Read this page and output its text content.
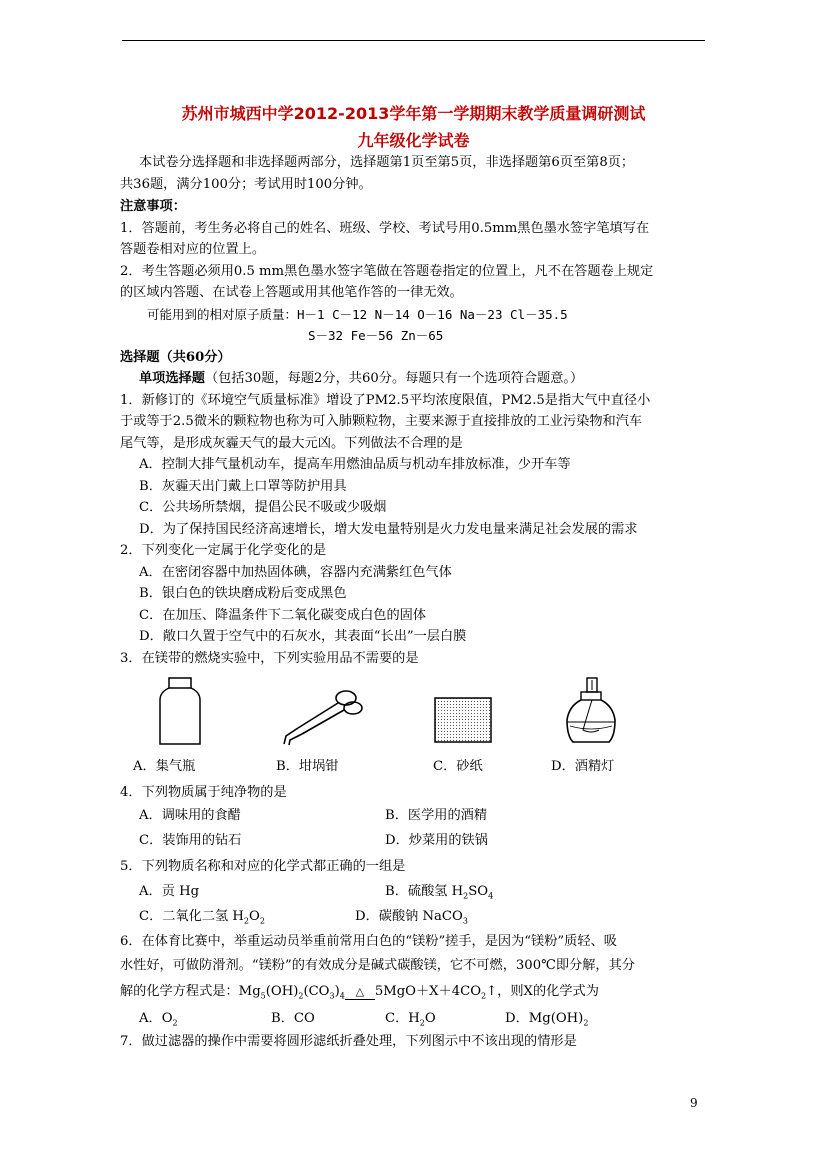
苏州市城西中学2012-2013学年第一学期期末教学质量调研测试
九年级化学试卷
本试卷分选择题和非选择题两部分，选择题第1页至第5页，非选择题第6页至第8页；
共36题，满分100分；考试用时100分钟。
注意事项：
1．答题前，考生务必将自己的姓名、班级、学校、考试号用0.5mm黑色墨水签字笔填写在
答题卷相对应的位置上。
2．考生答题必须用0.5 mm黑色墨水签字笔做在答题卷指定的位置上，凡不在答题卷上规定
的区域内答题、在试卷上答题或用其他笔作答的一律无效。
可能用到的相对原子质量：H－1 C－12 N－14 O－16 Na－23 Cl－35.5
S－32 Fe－56 Zn－65
选择题（共60分）
单项选择题（包括30题，每题2分，共60分。每题只有一个选项符合题意。）
1．新修订的《环境空气质量标准》增设了PM2.5平均浓度限值，PM2.5是指大气中直径小
于或等于2.5微米的颗粒物也称为可入肺颗粒物，主要来源于直接排放的工业污染物和汽车
尾气等，是形成灰霾天气的最大元凶。下列做法不合理的是
A．控制大排气量机动车，提高车用燃油品质与机动车排放标准，少开车等
B．灰霾天出门戴上口罩等防护用具
C．公共场所禁烟，提倡公民不吸或少吸烟
D．为了保持国民经济高速增长，增大发电量特别是火力发电量来满足社会发展的需求
2．下列变化一定属于化学变化的是
A．在密闭容器中加热固体碘，容器内充满紫红色气体
B．银白色的铁块磨成粉后变成黑色
C．在加压、降温条件下二氧化碳变成白色的固体
D．敞口久置于空气中的石灰水，其表面“长出”一层白膜
3．在镁带的燃烧实验中，下列实验用品不需要的是
A．集气瓶	B．坩埚钳	C．砂纸	D．酒精灯
4．下列物质属于纯净物的是
A．调味用的食醋	B．医学用的酒精
C．装饰用的钻石	D．炒菜用的铁锅
5．下列物质名称和对应的化学式都正确的一组是
A．贡 Hg	B．硫酸氢 $H_2SO_4$
C．二氧化二氢 $H_2O_2$	D．碳酸钠 NaCO$_3$
6．在体育比赛中，举重运动员举重前常用白色的“镁粉”搓手，是因为“镁粉”质轻、吸
水性好，可做防滑剂。“镁粉”的有效成分是碱式碳酸镁，它不可燃，300℃即分解，其分
解的化学方程式是：$Mg_5(OH)_2(CO_3)_4$ △ $5MgO+X+4CO_2↑$，则X的化学式为
A．$O_2$	B．CO	C．$H_2O$	D．$Mg(OH)_2$
7．做过滤器的操作中需要将圆形滤纸折叠处理，下列图示中不该出现的情形是
9
